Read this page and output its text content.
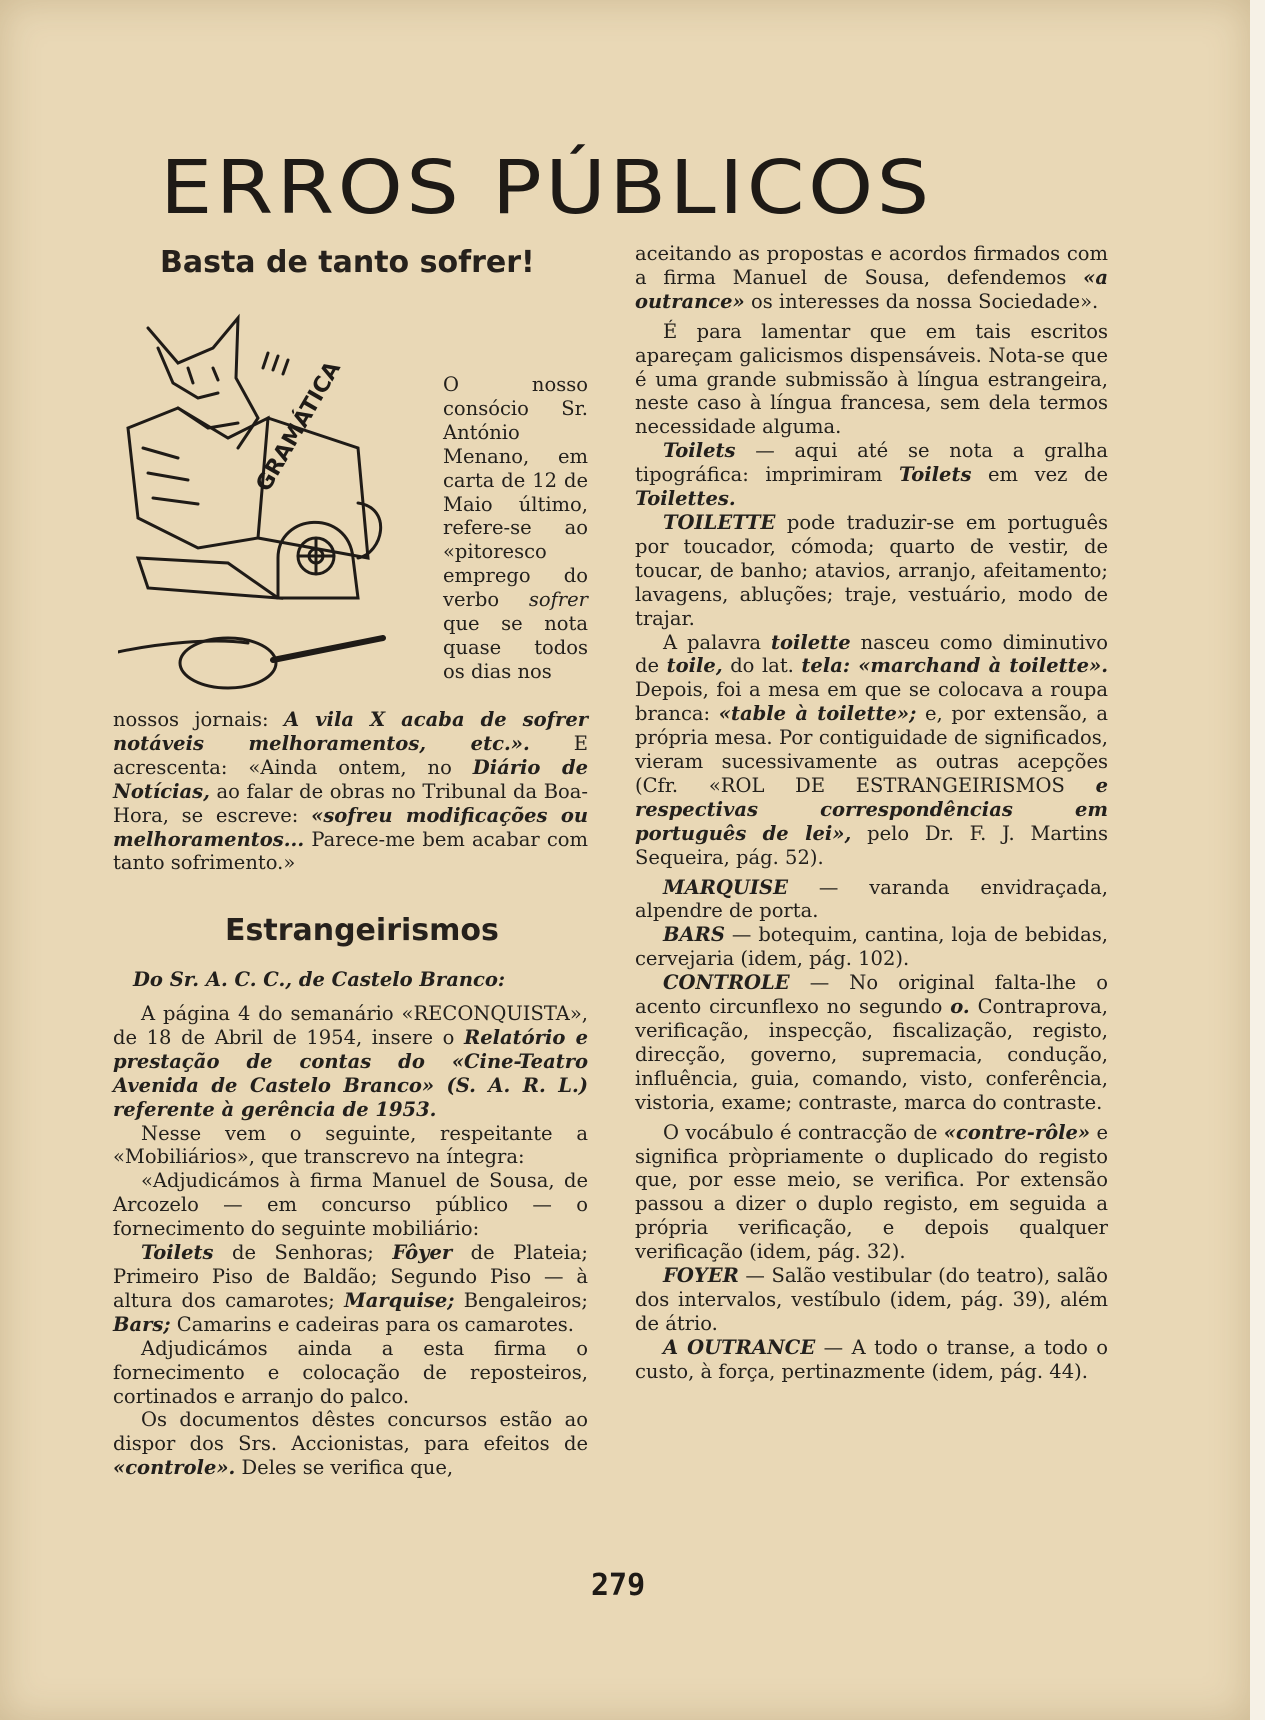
ERROS PÚBLICOS
Basta de tanto sofrer!
GRAMÁTICA	O nosso consócio Sr. António Menano, em carta de 12 de Maio último, refere-se ao «pitoresco emprego do verbo sofrer que se nota quase todos os dias nos

nossos jornais: A vila X acaba de sofrer notáveis melhoramentos, etc.». E acrescenta: «Ainda ontem, no Diário de Notícias, ao falar de obras no Tribunal da Boa-Hora, se escreve: «sofreu modificações ou melhoramentos... Parece-me bem acabar com tanto sofrimento.»

Estrangeirismos

Do Sr. A. C. C., de Castelo Branco:

A página 4 do semanário «RECONQUISTA», de 18 de Abril de 1954, insere o Relatório e prestação de contas do «Cine-Teatro Avenida de Castelo Branco» (S. A. R. L.) referente à gerência de 1953.

Nesse vem o seguinte, respeitante a «Mobiliários», que transcrevo na íntegra:

«Adjudicámos à firma Manuel de Sousa, de Arcozelo — em concurso público — o fornecimento do seguinte mobiliário:

Toilets de Senhoras; Fôyer de Plateia; Primeiro Piso de Baldão; Segundo Piso — à altura dos camarotes; Marquise; Bengaleiros; Bars; Camarins e cadeiras para os camarotes.

Adjudicámos ainda a esta firma o fornecimento e colocação de reposteiros, cortinados e arranjo do palco.

Os documentos dêstes concursos estão ao dispor dos Srs. Accionistas, para efeitos de «controle». Deles se verifica que,

aceitando as propostas e acordos firmados com a firma Manuel de Sousa, defendemos «a outrance» os interesses da nossa Sociedade».

É para lamentar que em tais escritos apareçam galicismos dispensáveis. Nota-se que é uma grande submissão à língua estrangeira, neste caso à língua francesa, sem dela termos necessidade alguma.

Toilets — aqui até se nota a gralha tipográfica: imprimiram Toilets em vez de Toilettes.

TOILETTE pode traduzir-se em português por toucador, cómoda; quarto de vestir, de toucar, de banho; atavios, arranjo, afeitamento; lavagens, abluções; traje, vestuário, modo de trajar.

A palavra toilette nasceu como diminutivo de toile, do lat. tela: «marchand à toilette». Depois, foi a mesa em que se colocava a roupa branca: «table à toilette»; e, por extensão, a própria mesa. Por contiguidade de significados, vieram sucessivamente as outras acepções (Cfr. «ROL DE ESTRANGEIRISMOS e respectivas correspondências em português de lei», pelo Dr. F. J. Martins Sequeira, pág. 52).

MARQUISE — varanda envidraçada, alpendre de porta.

BARS — botequim, cantina, loja de bebidas, cervejaria (idem, pág. 102).

CONTROLE — No original falta-lhe o acento circunflexo no segundo o. Contraprova, verificação, inspecção, fiscalização, registo, direcção, governo, supremacia, condução, influência, guia, comando, visto, conferência, vistoria, exame; contraste, marca do contraste.

O vocábulo é contracção de «contre-rôle» e significa pròpriamente o duplicado do registo que, por esse meio, se verifica. Por extensão passou a dizer o duplo registo, em seguida a própria verificação, e depois qualquer verificação (idem, pág. 32).

FOYER — Salão vestibular (do teatro), salão dos intervalos, vestíbulo (idem, pág. 39), além de átrio.

A OUTRANCE — A todo o transe, a todo o custo, à força, pertinazmente (idem, pág. 44).

279
